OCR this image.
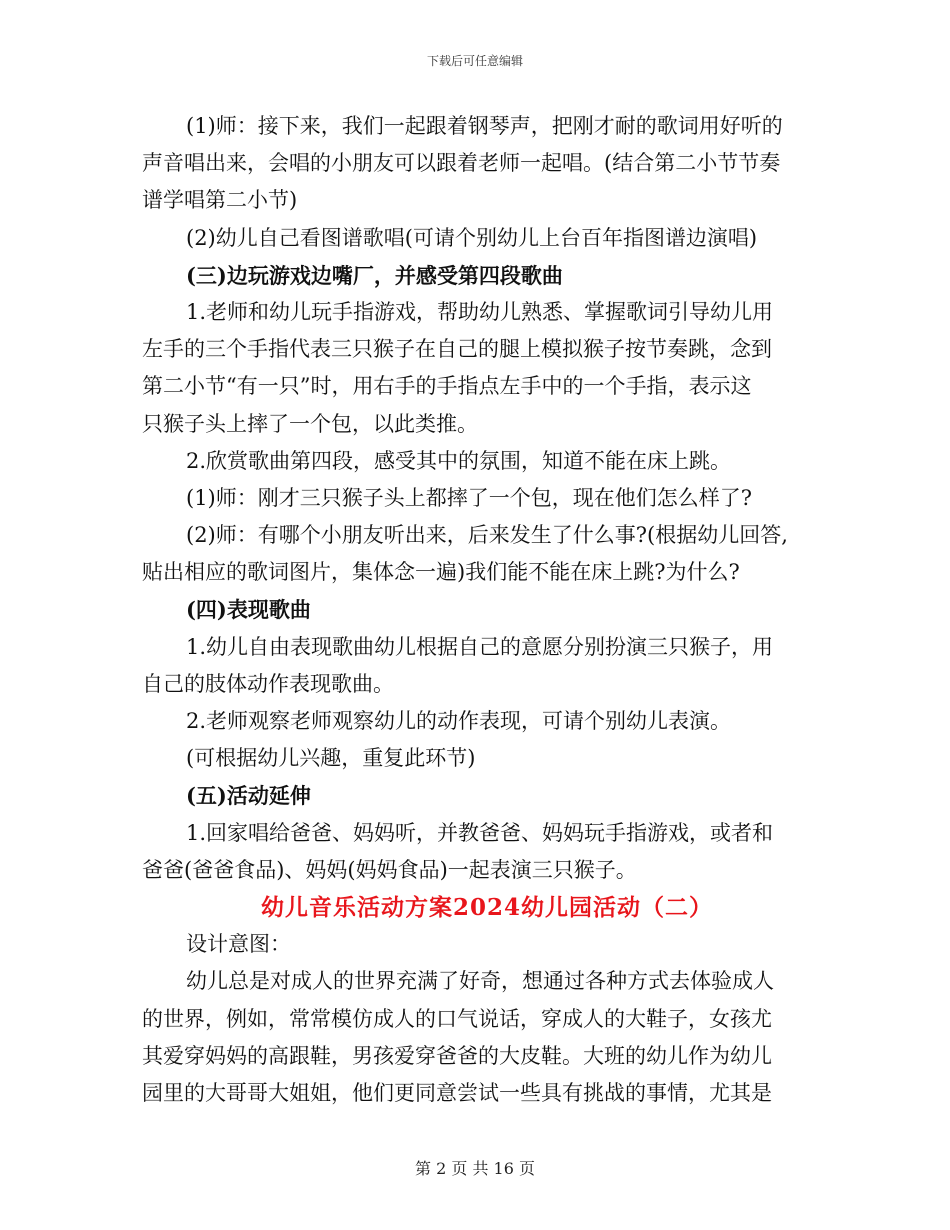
下载后可任意编辑
(1)师：接下来，我们一起跟着钢琴声，把刚才耐的歌词用好听的
声音唱出来，会唱的小朋友可以跟着老师一起唱。(结合第二小节节奏
谱学唱第二小节)
(2)幼儿自己看图谱歌唱(可请个别幼儿上台百年指图谱边演唱)
(三)边玩游戏边嘴厂，并感受第四段歌曲
1.老师和幼儿玩手指游戏，帮助幼儿熟悉、掌握歌词引导幼儿用
左手的三个手指代表三只猴子在自己的腿上模拟猴子按节奏跳，念到
第二小节“有一只”时，用右手的手指点左手中的一个手指，表示这
只猴子头上摔了一个包，以此类推。
2.欣赏歌曲第四段，感受其中的氛围，知道不能在床上跳。
(1)师：刚才三只猴子头上都摔了一个包，现在他们怎么样了?
(2)师：有哪个小朋友听出来，后来发生了什么事?(根据幼儿回答,
贴出相应的歌词图片，集体念一遍)我们能不能在床上跳?为什么?
(四)表现歌曲
1.幼儿自由表现歌曲幼儿根据自己的意愿分别扮演三只猴子，用
自己的肢体动作表现歌曲。
2.老师观察老师观察幼儿的动作表现，可请个别幼儿表演。
(可根据幼儿兴趣，重复此环节)
(五)活动延伸
1.回家唱给爸爸、妈妈听，并教爸爸、妈妈玩手指游戏，或者和
爸爸(爸爸食品)、妈妈(妈妈食品)一起表演三只猴子。
幼儿音乐活动方案2024幼儿园活动（二）
设计意图：
幼儿总是对成人的世界充满了好奇，想通过各种方式去体验成人
的世界，例如，常常模仿成人的口气说话，穿成人的大鞋子，女孩尤
其爱穿妈妈的高跟鞋，男孩爱穿爸爸的大皮鞋。大班的幼儿作为幼儿
园里的大哥哥大姐姐，他们更同意尝试一些具有挑战的事情，尤其是
第 2 页 共 16 页
